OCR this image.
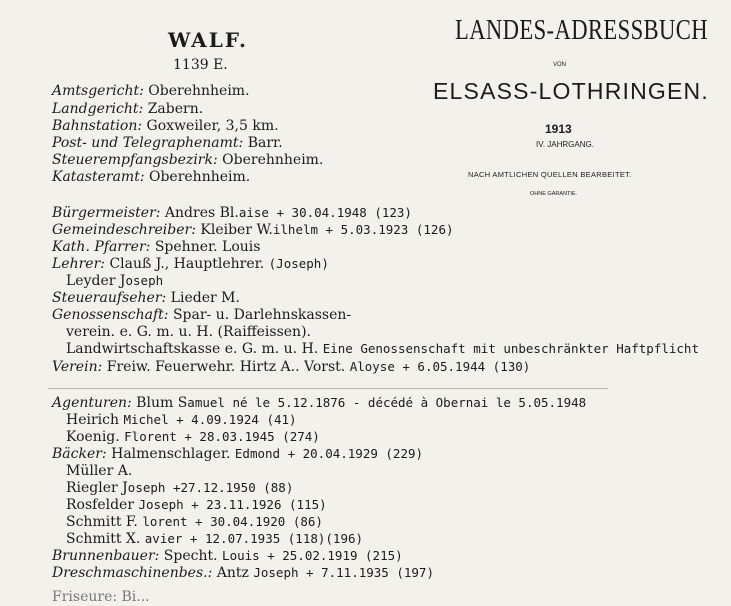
WALF.
1139 E.
LANDES-ADRESSBUCH
VON
ELSASS-LOTHRINGEN.
1913
IV. JAHRGANG.
NACH AMTLICHEN QUELLEN BEARBEITET.
OHNE GARANTIE.
Amtsgericht: Oberehnheim.
Landgericht: Zabern.
Bahnstation: Goxweiler, 3,5 km.
Post- und Telegraphenamt: Barr.
Steuerempfangsbezirk: Oberehnheim.
Katasteramt: Oberehnheim.
Bürgermeister: Andres Bl.aise + 30.04.1948 (123)
Gemeindeschreiber: Kleiber W.ilhelm + 5.03.1923 (126)
Kath. Pfarrer: Spehner. Louis
Lehrer: Clauß J., Hauptlehrer. (Joseph)
Leyder Joseph
Steueraufseher: Lieder M.
Genossenschaft: Spar- u. Darlehnskassen-
verein. e. G. m. u. H. (Raiffeissen).
Landwirtschaftskasse e. G. m. u. H. Eine Genossenschaft mit unbeschränkter Haftpflicht
Verein: Freiw. Feuerwehr. Hirtz A.. Vorst. Aloyse + 6.05.1944 (130)
Agenturen: Blum Samuel né le 5.12.1876 - décédé à Obernai le 5.05.1948
Heirich Michel + 4.09.1924 (41)
Koenig. Florent + 28.03.1945 (274)
Bäcker: Halmenschlager. Edmond + 20.04.1929 (229)
Müller A.
Riegler Joseph +27.12.1950 (88)
Rosfelder Joseph + 23.11.1926 (115)
Schmitt F. lorent + 30.04.1920 (86)
Schmitt X. avier + 12.07.1935 (118)(196)
Brunnenbauer: Specht. Louis + 25.02.1919 (215)
Dreschmaschinenbes.: Antz Joseph + 7.11.1935 (197)
Friseure: Bi...
